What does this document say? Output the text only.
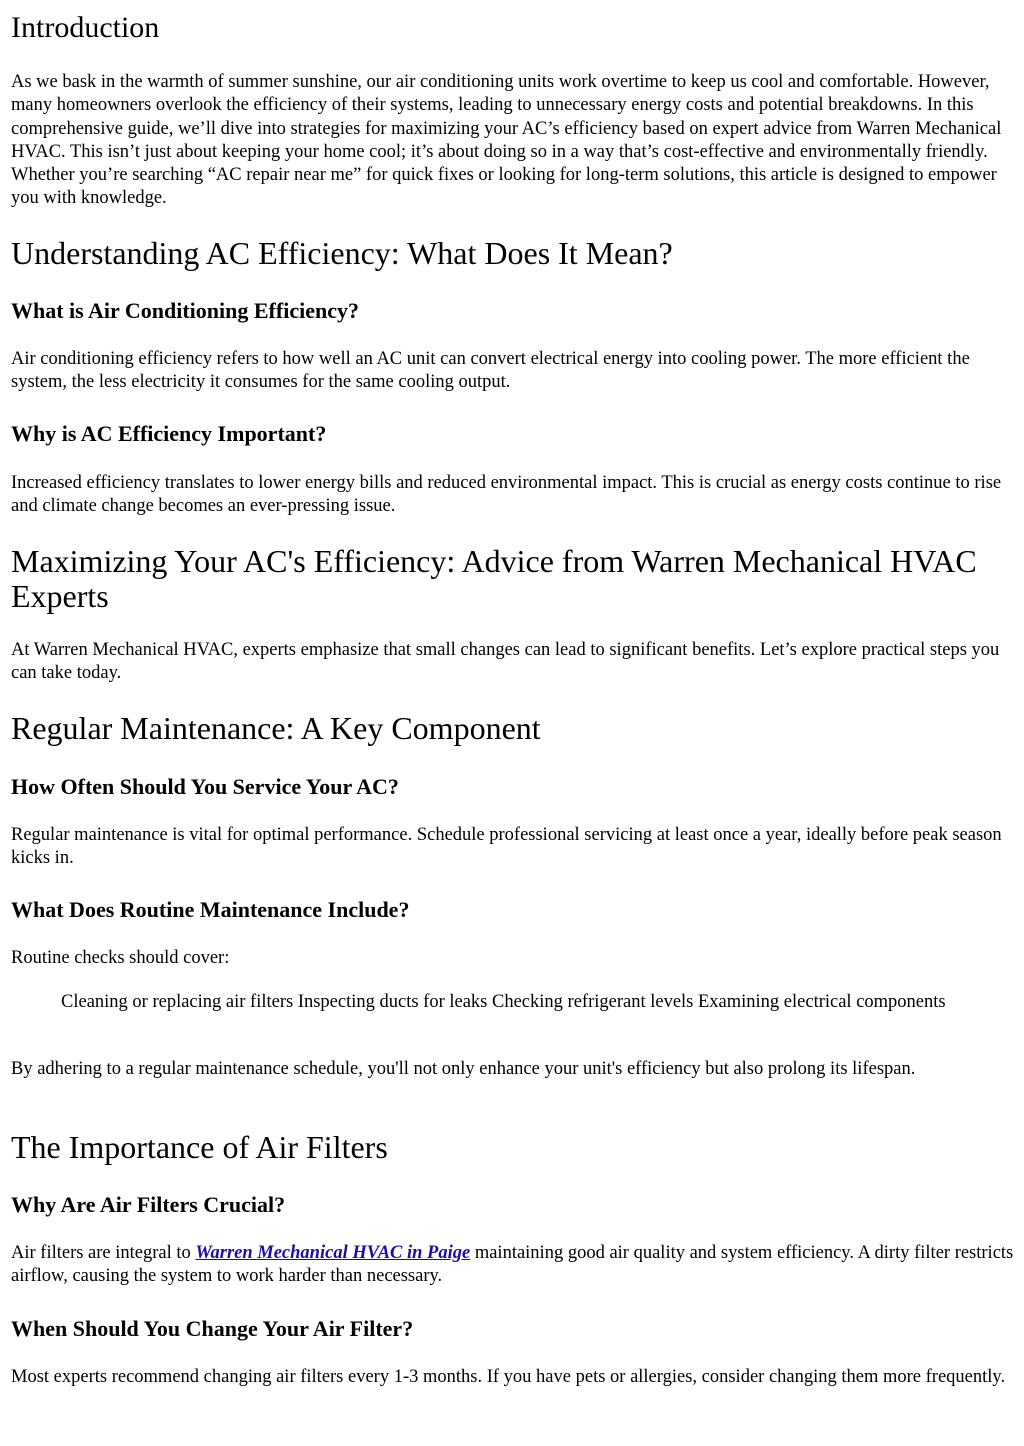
Introduction

As we bask in the warmth of summer sunshine, our air conditioning units work overtime to keep us cool and comfortable. However, many homeowners overlook the efficiency of their systems, leading to unnecessary energy costs and potential breakdowns. In this comprehensive guide, we’ll dive into strategies for maximizing your AC’s efficiency based on expert advice from Warren Mechanical HVAC. This isn’t just about keeping your home cool; it’s about doing so in a way that’s cost-effective and environmentally friendly. Whether you’re searching “AC repair near me” for quick fixes or looking for long-term solutions, this article is designed to empower you with knowledge.

Understanding AC Efficiency: What Does It Mean?
What is Air Conditioning Efficiency?

Air conditioning efficiency refers to how well an AC unit can convert electrical energy into cooling power. The more efficient the system, the less electricity it consumes for the same cooling output.

Why is AC Efficiency Important?

Increased efficiency translates to lower energy bills and reduced environmental impact. This is crucial as energy costs continue to rise and climate change becomes an ever-pressing issue.

Maximizing Your AC's Efficiency: Advice from Warren Mechanical HVAC Experts

At Warren Mechanical HVAC, experts emphasize that small changes can lead to significant benefits. Let’s explore practical steps you can take today.

Regular Maintenance: A Key Component
How Often Should You Service Your AC?

Regular maintenance is vital for optimal performance. Schedule professional servicing at least once a year, ideally before peak season kicks in.

What Does Routine Maintenance Include?

Routine checks should cover:

Cleaning or replacing air filters Inspecting ducts for leaks Checking refrigerant levels Examining electrical components

By adhering to a regular maintenance schedule, you'll not only enhance your unit's efficiency but also prolong its lifespan.

The Importance of Air Filters
Why Are Air Filters Crucial?

Air filters are integral to Warren Mechanical HVAC in Paige maintaining good air quality and system efficiency. A dirty filter restricts airflow, causing the system to work harder than necessary.

When Should You Change Your Air Filter?

Most experts recommend changing air filters every 1-3 months. If you have pets or allergies, consider changing them more frequently.
